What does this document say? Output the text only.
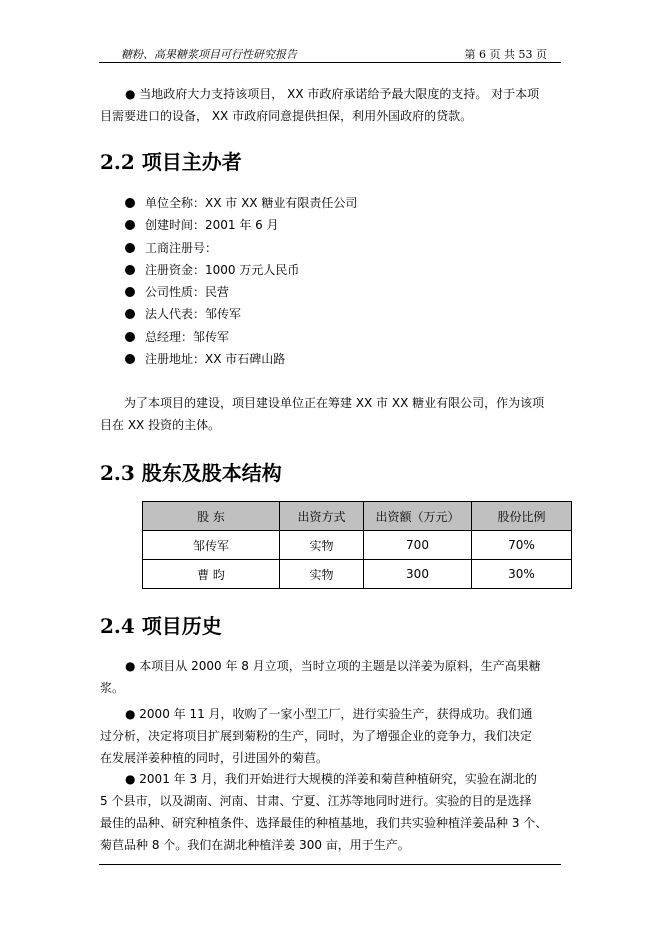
糖粉、高果糖浆项目可行性研究报告	第 6 页 共 53 页
● 当地政府大力支持该项目， XX 市政府承诺给予最大限度的支持。 对于本项
目需要进口的设备， XX 市政府同意提供担保，利用外国政府的贷款。
2.2 项目主办者
单位全称：XX 市 XX 糖业有限责任公司
创建时间：2001 年 6 月
工商注册号：
注册资金：1000 万元人民币
公司性质：民营
法人代表：邹传军
总经理：邹传军
注册地址：XX 市石碑山路
为了本项目的建设，项目建设单位正在筹建 XX 市 XX 糖业有限公司，作为该项
目在 XX 投资的主体。
2.3 股东及股本结构
股 东	出资方式	出资额（万元）	股份比例
邹传军	实物	700	70%
曹 昀	实物	300	30%
2.4 项目历史
● 本项目从 2000 年 8 月立项，当时立项的主题是以洋姜为原料，生产高果糖
浆。
● 2000 年 11 月，收购了一家小型工厂，进行实验生产，获得成功。我们通
过分析，决定将项目扩展到菊粉的生产，同时，为了增强企业的竞争力，我们决定
在发展洋姜种植的同时，引进国外的菊苣。
● 2001 年 3 月，我们开始进行大规模的洋姜和菊苣种植研究，实验在湖北的
5 个县市，以及湖南、河南、甘肃、宁夏、江苏等地同时进行。实验的目的是选择
最佳的品种、研究种植条件、选择最佳的种植基地，我们共实验种植洋姜品种 3 个、
菊苣品种 8 个。我们在湖北种植洋姜 300 亩，用于生产。
